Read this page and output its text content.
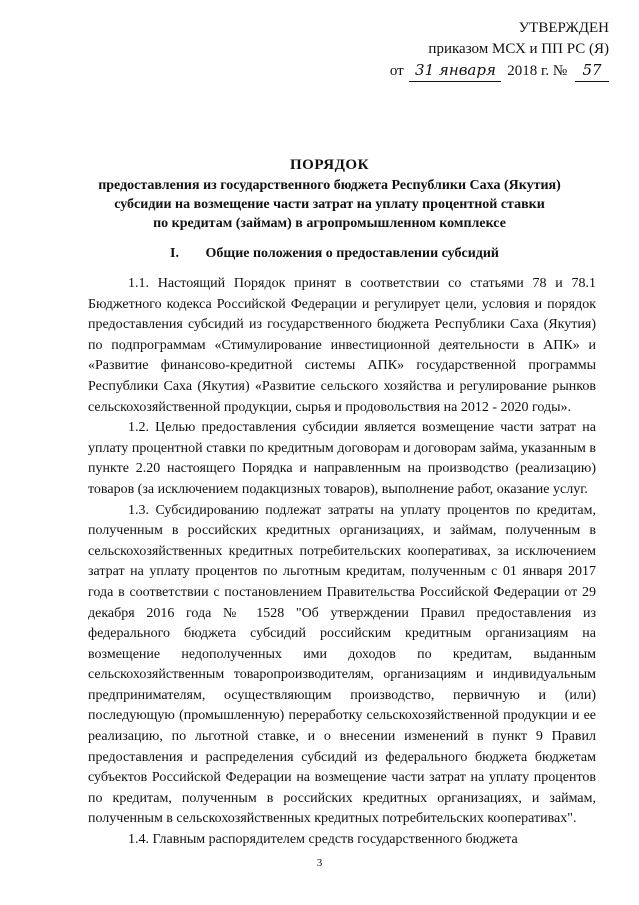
УТВЕРЖДЕН
приказом МСХ и ПП РС (Я)
от 31 января 2018 г. № 57
ПОРЯДОК
предоставления из государственного бюджета Республики Саха (Якутия)
субсидии на возмещение части затрат на уплату процентной ставки
по кредитам (займам) в агропромышленном комплексе
I. Общие положения о предоставлении субсидий

1.1. Настоящий Порядок принят в соответствии со статьями 78 и 78.1 Бюджетного кодекса Российской Федерации и регулирует цели, условия и порядок предоставления субсидий из государственного бюджета Республики Саха (Якутия) по подпрограммам «Стимулирование инвестиционной деятельности в АПК» и «Развитие финансово-кредитной системы АПК» государственной программы Республики Саха (Якутия) «Развитие сельского хозяйства и регулирование рынков сельскохозяйственной продукции, сырья и продовольствия на 2012 - 2020 годы».

1.2. Целью предоставления субсидии является возмещение части затрат на уплату процентной ставки по кредитным договорам и договорам займа, указанным в пункте 2.20 настоящего Порядка и направленным на производство (реализацию) товаров (за исключением подакцизных товаров), выполнение работ, оказание услуг.

1.3. Субсидированию подлежат затраты на уплату процентов по кредитам, полученным в российских кредитных организациях, и займам, полученным в сельскохозяйственных кредитных потребительских кооперативах, за исключением затрат на уплату процентов по льготным кредитам, полученным с 01 января 2017 года в соответствии с постановлением Правительства Российской Федерации от 29 декабря 2016 года № 1528 "Об утверждении Правил предоставления из федерального бюджета субсидий российским кредитным организациям на возмещение недополученных ими доходов по кредитам, выданным сельскохозяйственным товаропроизводителям, организациям и индивидуальным предпринимателям, осуществляющим производство, первичную и (или) последующую (промышленную) переработку сельскохозяйственной продукции и ее реализацию, по льготной ставке, и о внесении изменений в пункт 9 Правил предоставления и распределения субсидий из федерального бюджета бюджетам субъектов Российской Федерации на возмещение части затрат на уплату процентов по кредитам, полученным в российских кредитных организациях, и займам, полученным в сельскохозяйственных кредитных потребительских кооперативах".

1.4. Главным распорядителем средств государственного бюджета

3
